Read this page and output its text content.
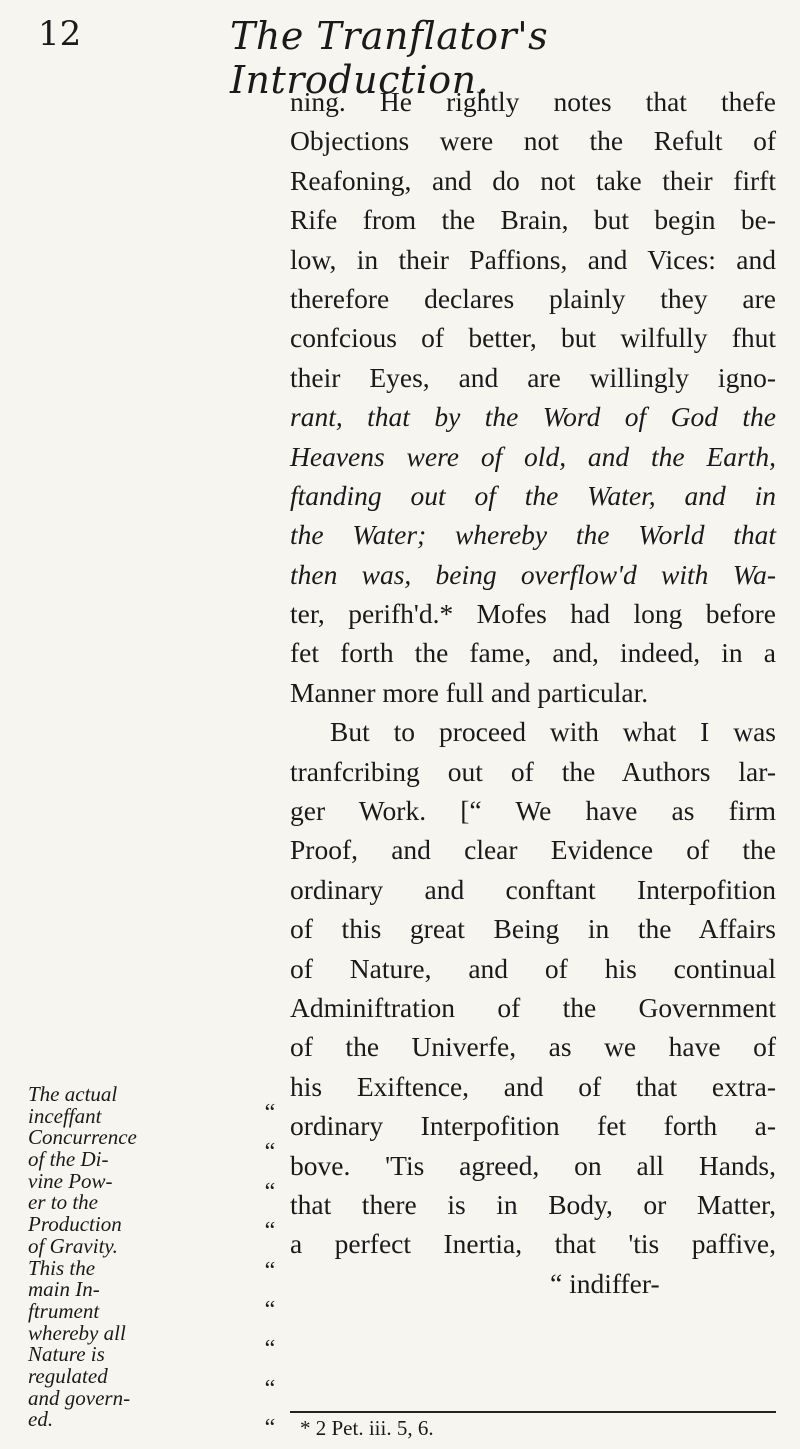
12	The Tranflator's Introduction.
ning. He rightly notes that thefe
Objections were not the Refult of
Reafoning, and do not take their firft
Rife from the Brain, but begin be-
low, in their Paffions, and Vices: and
therefore declares plainly they are
confcious of better, but wilfully fhut
their Eyes, and are willingly igno-
rant, that by the Word of God the
Heavens were of old, and the Earth,
ftanding out of the Water, and in
the Water; whereby the World that
then was, being overflow'd with Wa-
ter, perifh'd.* Mofes had long before
fet forth the fame, and, indeed, in a
Manner more full and particular.
But to proceed with what I was
tranfcribing out of the Authors lar-
ger Work. [“ We have as firm
Proof, and clear Evidence of the
ordinary and conftant Interpofition
of this great Being in the Affairs
of Nature, and of his continual
Adminiftration of the Government
of the Univerfe, as we have of
his Exiftence, and of that extra-
ordinary Interpofition fet forth a-
bove. 'Tis agreed, on all Hands,
that there is in Body, or Matter,
a perfect Inertia, that 'tis paffive,
“ indiffer-
“
“
“
“
“
“
“
“
“
The actual
inceffant
Concurrence
of the Di-
vine Pow-
er to the
Production
of Gravity.
This the
main In-
ftrument
whereby all
Nature is
regulated
and govern-
ed.	* 2 Pet. iii. 5, 6.
